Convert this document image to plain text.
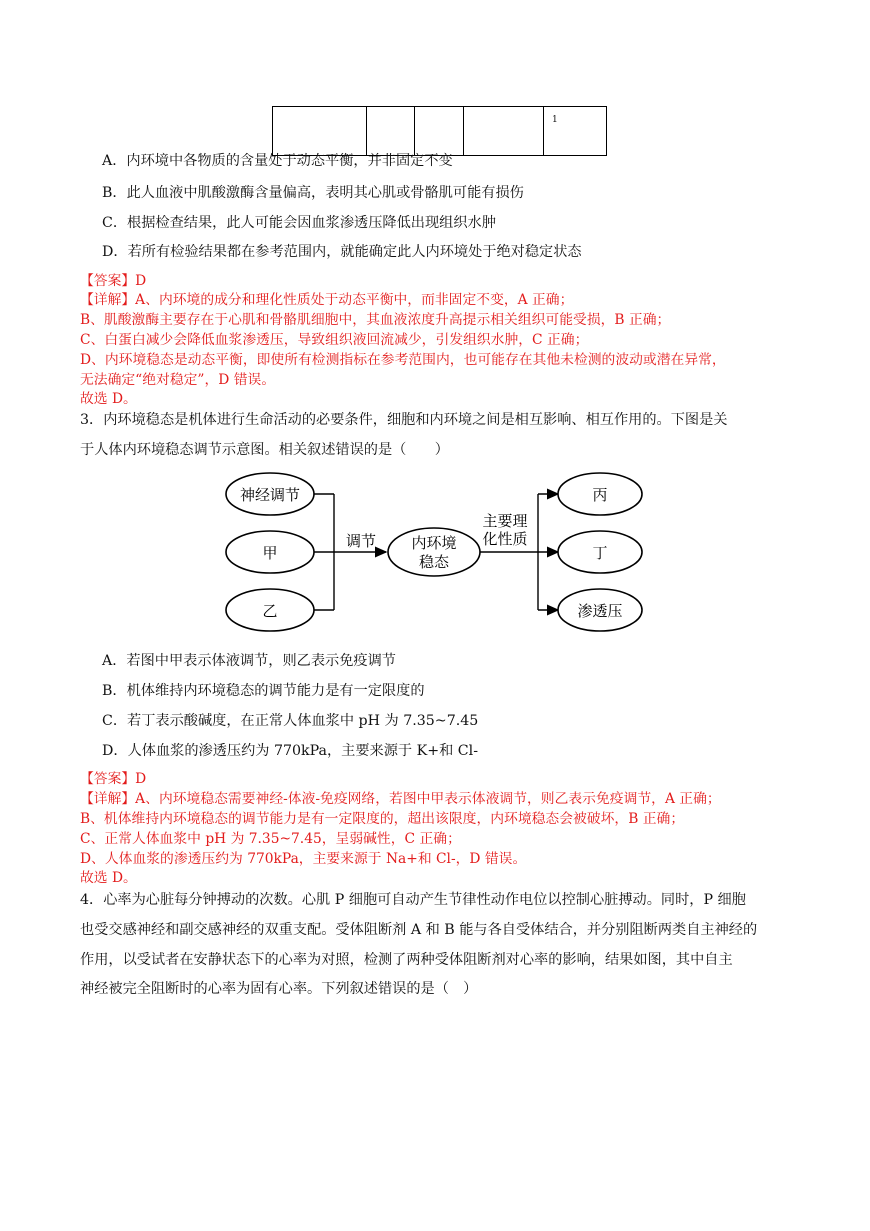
				1
A．内环境中各物质的含量处于动态平衡，并非固定不变
B．此人血液中肌酸激酶含量偏高，表明其心肌或骨骼肌可能有损伤
C．根据检查结果，此人可能会因血浆渗透压降低出现组织水肿
D．若所有检验结果都在参考范围内，就能确定此人内环境处于绝对稳定状态
【答案】D
【详解】A、内环境的成分和理化性质处于动态平衡中，而非固定不变，A 正确；
B、肌酸激酶主要存在于心肌和骨骼肌细胞中，其血液浓度升高提示相关组织可能受损，B 正确；
C、白蛋白减少会降低血浆渗透压，导致组织液回流减少，引发组织水肿，C 正确；
D、内环境稳态是动态平衡，即使所有检测指标在参考范围内，也可能存在其他未检测的波动或潜在异常，
无法确定“绝对稳定”，D 错误。
故选 D。
3．内环境稳态是机体进行生命活动的必要条件，细胞和内环境之间是相互影响、相互作用的。下图是关
于人体内环境稳态调节示意图。相关叙述错误的是（　　）
神经调节
甲
乙
调节 内环境
稳态
主要理
化性质
丙
丁
渗透压
A．若图中甲表示体液调节，则乙表示免疫调节
B．机体维持内环境稳态的调节能力是有一定限度的
C．若丁表示酸碱度，在正常人体血浆中 pH 为 7.35~7.45
D．人体血浆的渗透压约为 770kPa，主要来源于 K+和 Cl-
【答案】D
【详解】A、内环境稳态需要神经-体液-免疫网络，若图中甲表示体液调节，则乙表示免疫调节，A 正确；
B、机体维持内环境稳态的调节能力是有一定限度的，超出该限度，内环境稳态会被破坏，B 正确；
C、正常人体血浆中 pH 为 7.35~7.45，呈弱碱性，C 正确；
D、人体血浆的渗透压约为 770kPa，主要来源于 Na+和 Cl-，D 错误。
故选 D。
4．心率为心脏每分钟搏动的次数。心肌 P 细胞可自动产生节律性动作电位以控制心脏搏动。同时，P 细胞
也受交感神经和副交感神经的双重支配。受体阻断剂 A 和 B 能与各自受体结合，并分别阻断两类自主神经的
作用，以受试者在安静状态下的心率为对照，检测了两种受体阻断剂对心率的影响，结果如图，其中自主
神经被完全阻断时的心率为固有心率。下列叙述错误的是（　）
